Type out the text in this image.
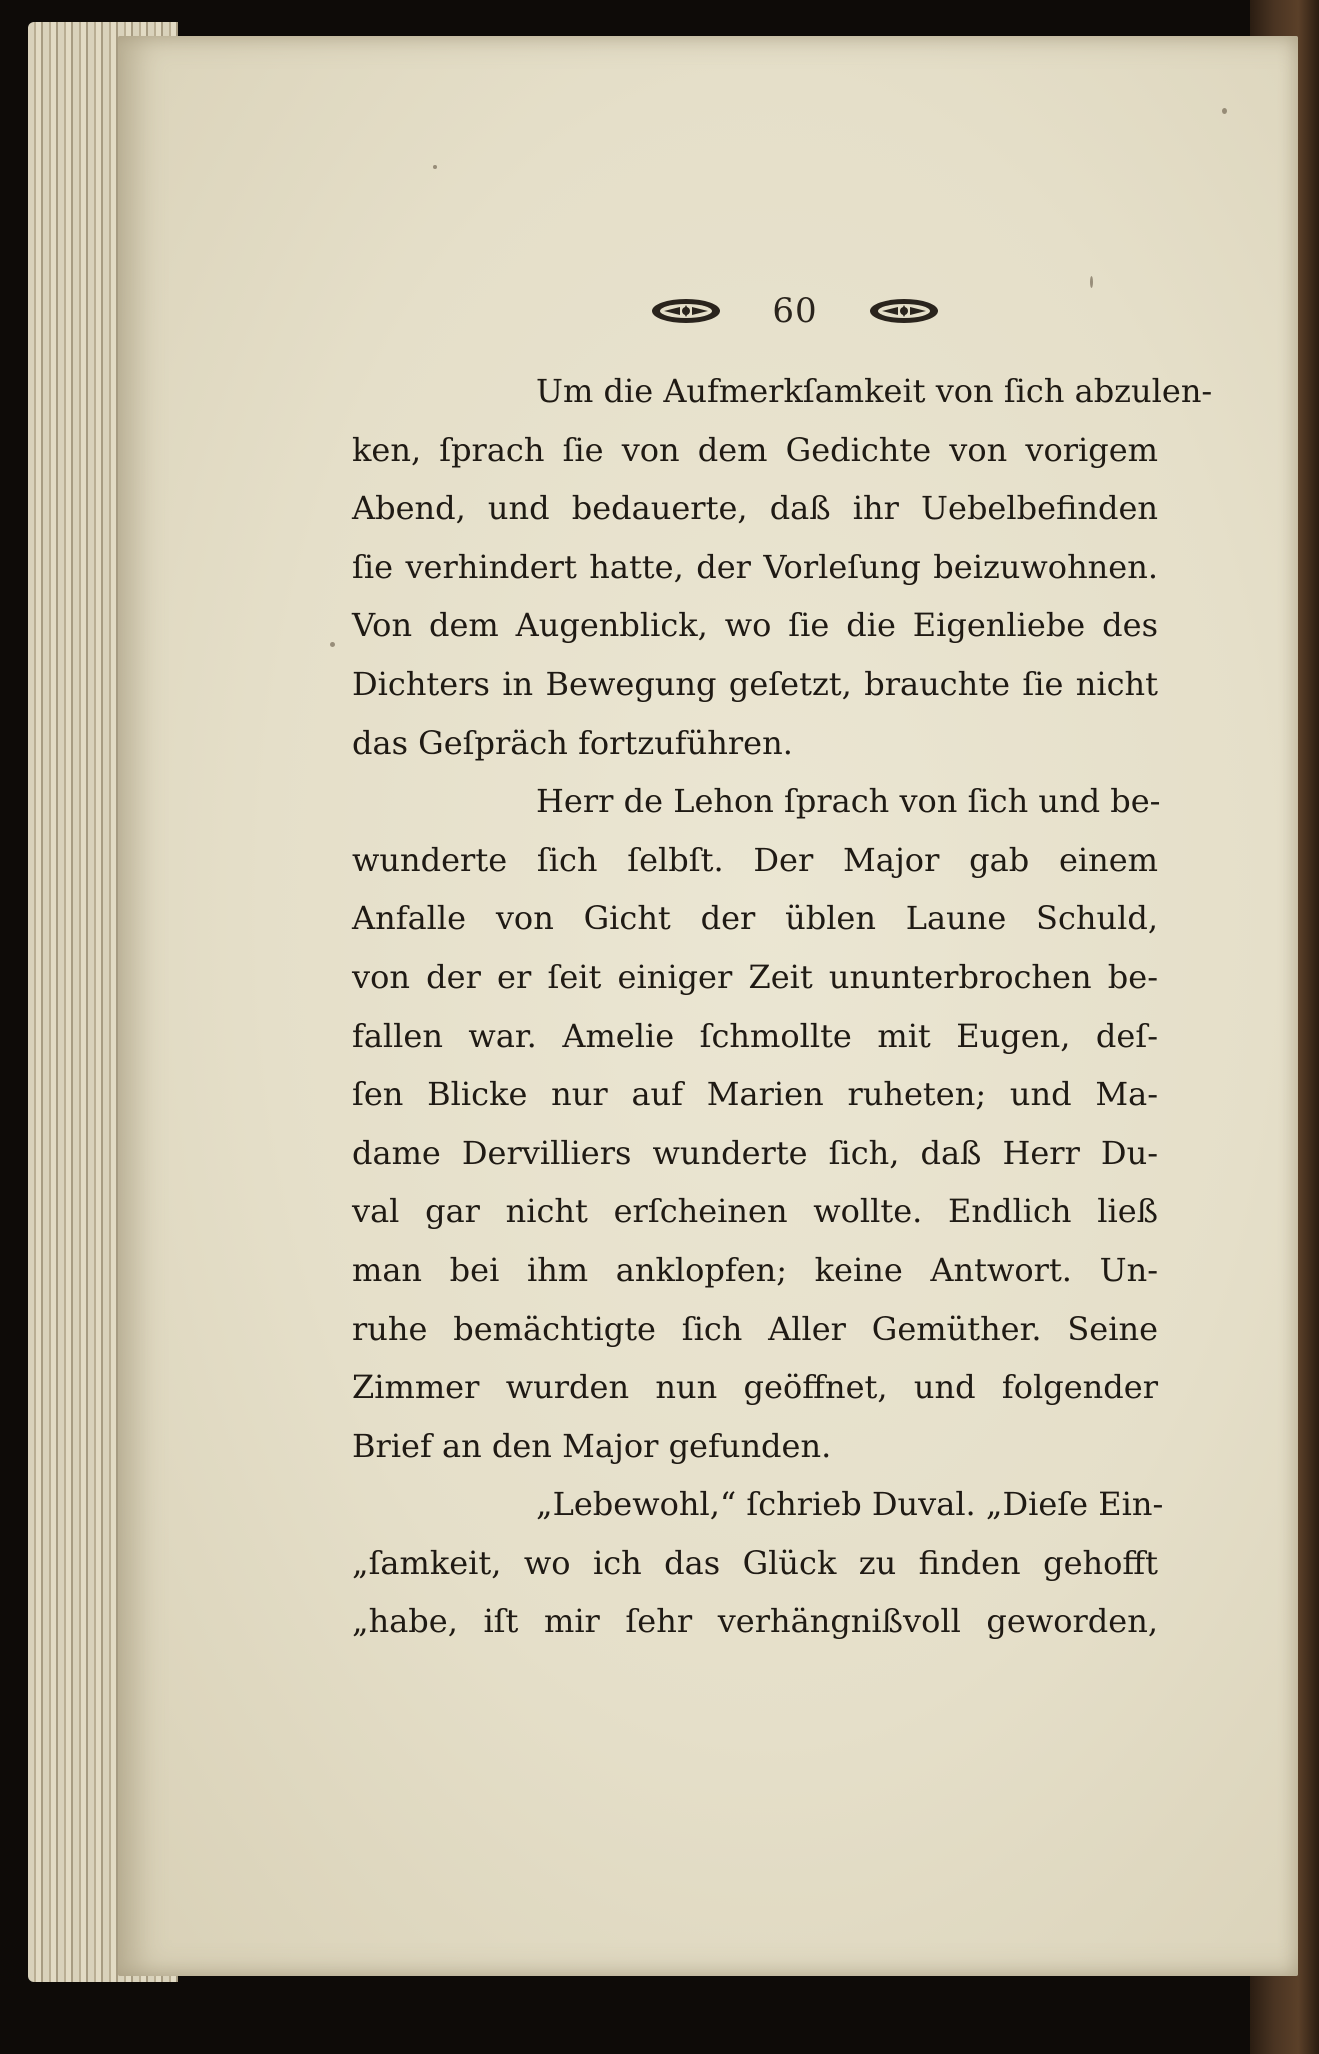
60
Um die Aufmerkſamkeit von ſich abzulen-
ken, ſprach ſie von dem Gedichte von vorigem
Abend, und bedauerte, daß ihr Uebelbefinden
ſie verhindert hatte, der Vorleſung beizuwohnen.
Von dem Augenblick, wo ſie die Eigenliebe des
Dichters in Bewegung geſetzt, brauchte ſie nicht
das Geſpräch fortzuführen.
Herr de Lehon ſprach von ſich und be-
wunderte ſich ſelbſt. Der Major gab einem
Anfalle von Gicht der üblen Laune Schuld,
von der er ſeit einiger Zeit ununterbrochen be-
fallen war. Amelie ſchmollte mit Eugen, deſ-
ſen Blicke nur auf Marien ruheten; und Ma-
dame Dervilliers wunderte ſich, daß Herr Du-
val gar nicht erſcheinen wollte. Endlich ließ
man bei ihm anklopfen; keine Antwort. Un-
ruhe bemächtigte ſich Aller Gemüther. Seine
Zimmer wurden nun geöffnet, und folgender
Brief an den Major gefunden.
„Lebewohl,“ ſchrieb Duval. „Dieſe Ein-
„ſamkeit, wo ich das Glück zu finden gehofft
„habe, iſt mir ſehr verhängnißvoll geworden,
